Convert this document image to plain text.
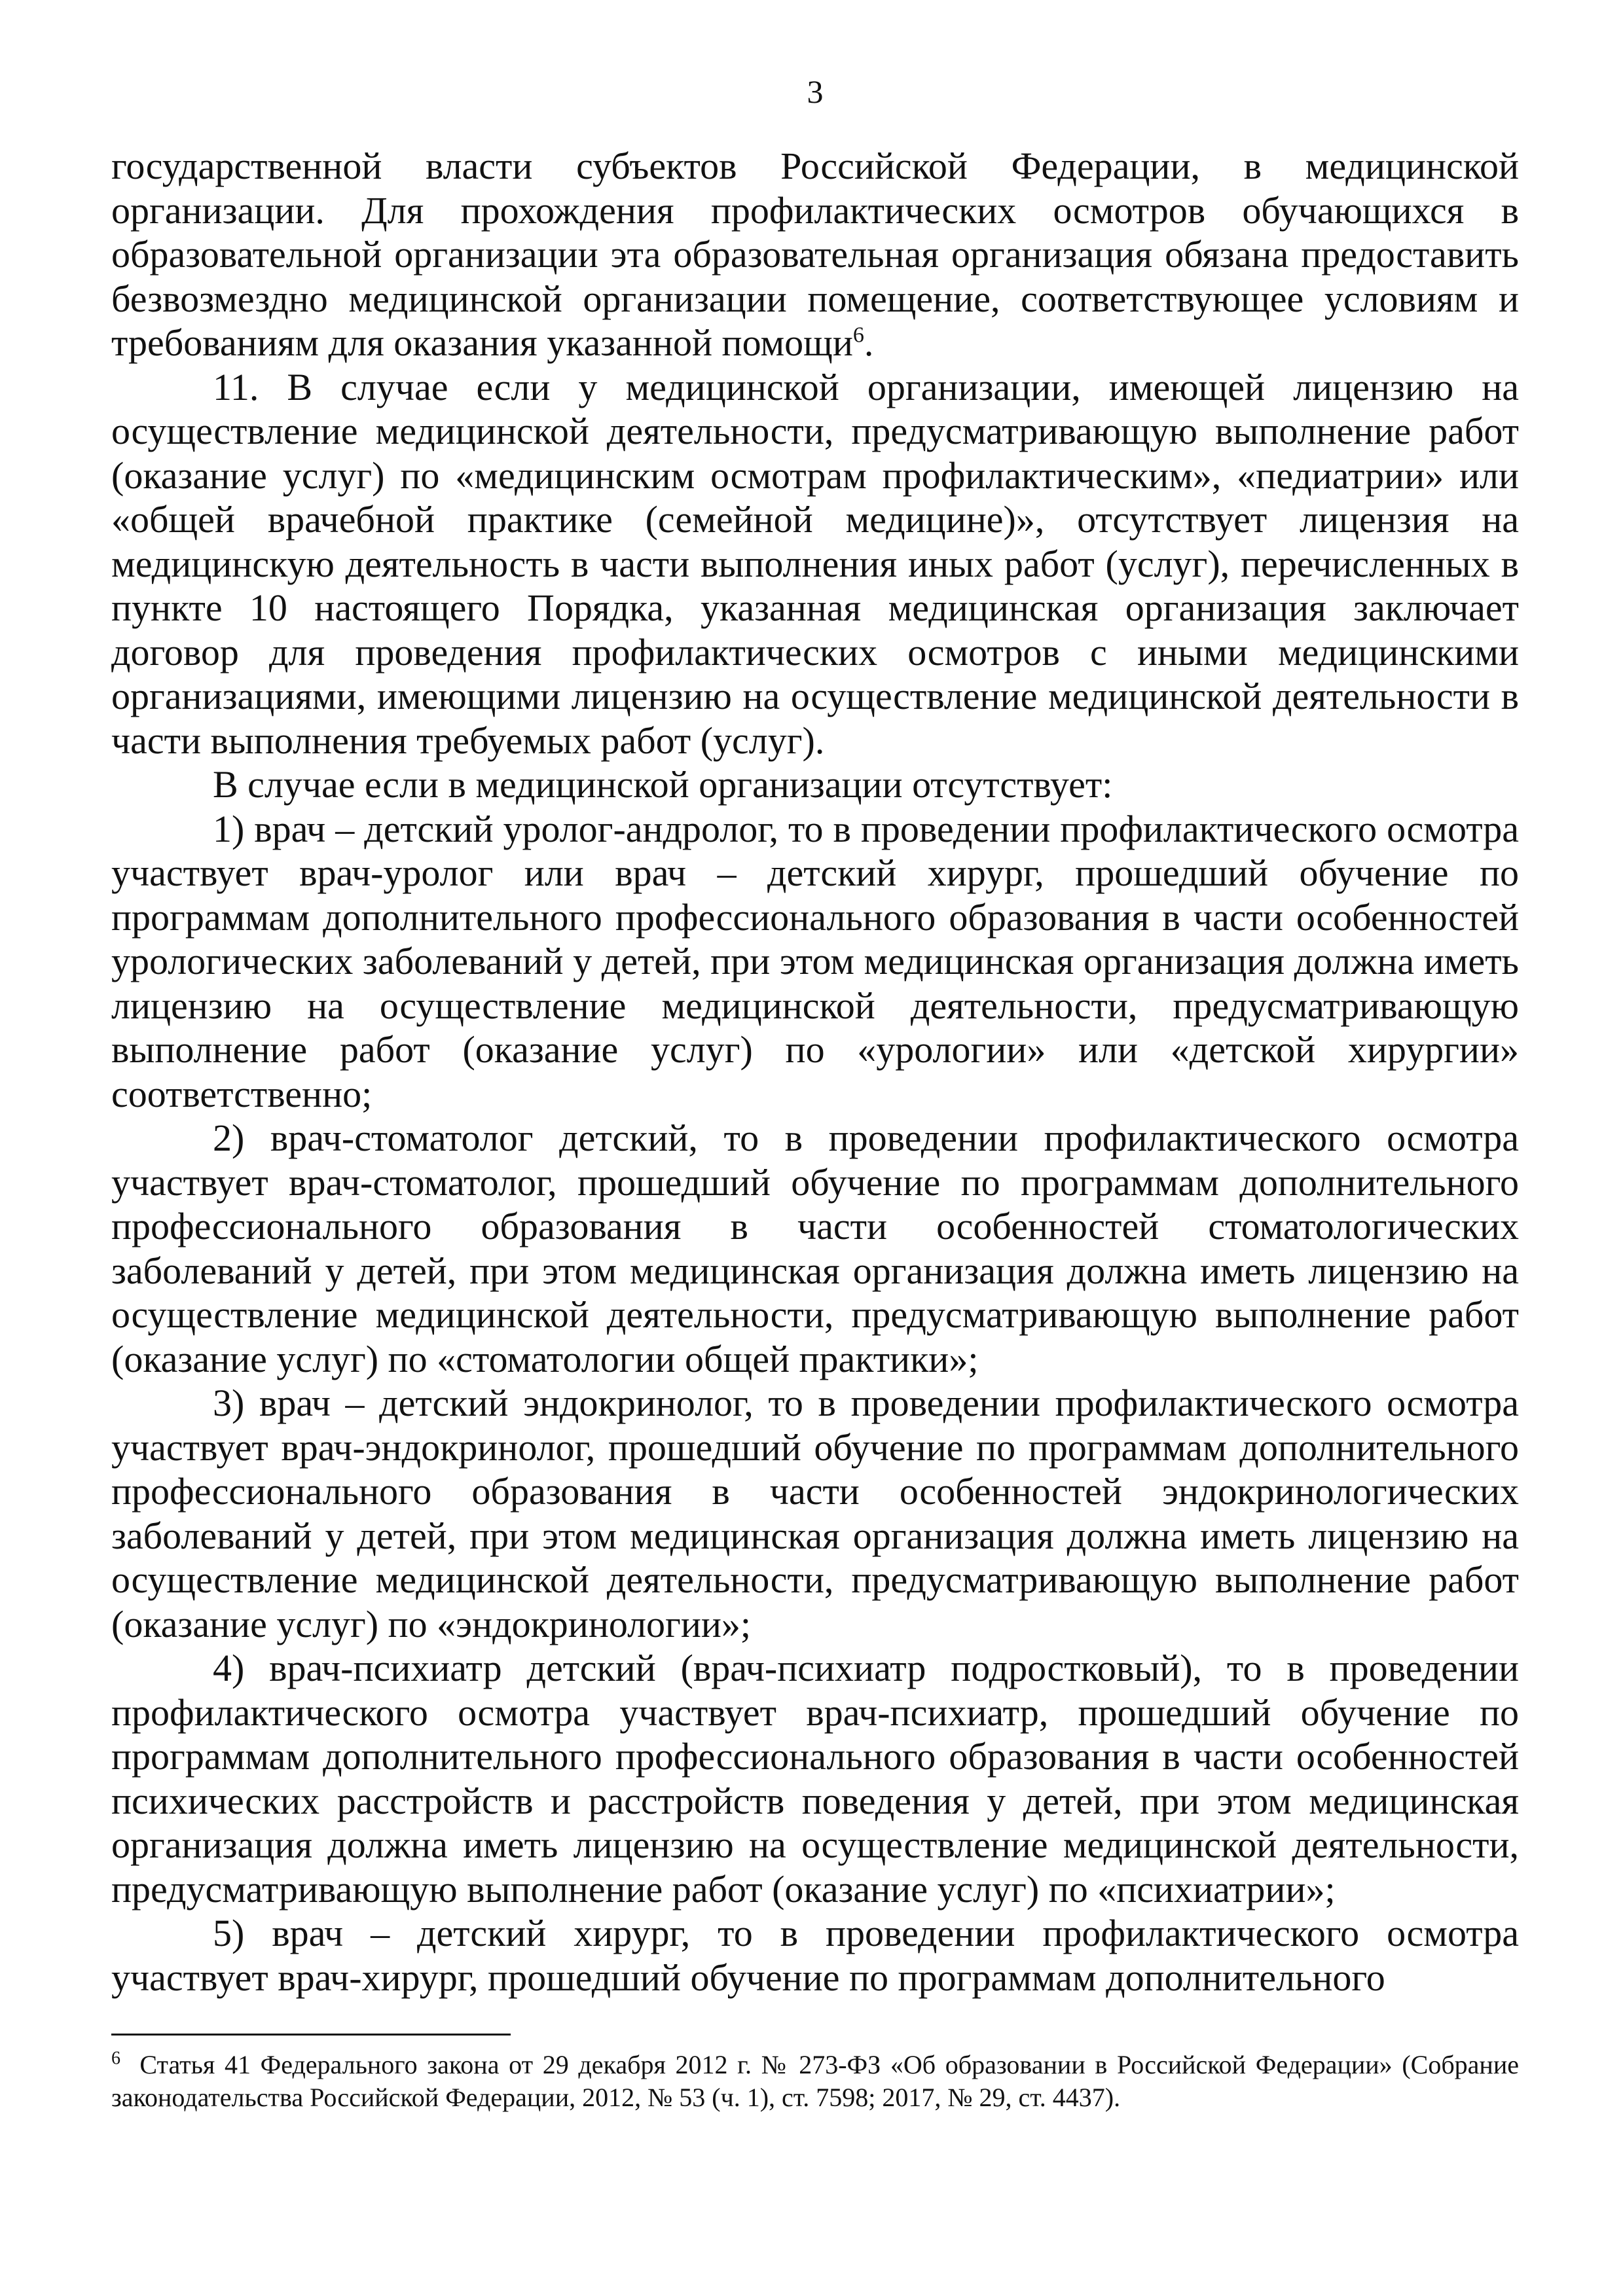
3

государственной власти субъектов Российской Федерации, в медицинской организации. Для прохождения профилактических осмотров обучающихся в образовательной организации эта образовательная организация обязана предоставить безвозмездно медицинской организации помещение, соответствующее условиям и требованиям для оказания указанной помощи$^6$.

11. В случае если у медицинской организации, имеющей лицензию на осуществление медицинской деятельности, предусматривающую выполнение работ (оказание услуг) по «медицинским осмотрам профилактическим», «педиатрии» или «общей врачебной практике (семейной медицине)», отсутствует лицензия на медицинскую деятельность в части выполнения иных работ (услуг), перечисленных в пункте 10 настоящего Порядка, указанная медицинская организация заключает договор для проведения профилактических осмотров с иными медицинскими организациями, имеющими лицензию на осуществление медицинской деятельности в части выполнения требуемых работ (услуг).

В случае если в медицинской организации отсутствует:

1) врач – детский уролог-андролог, то в проведении профилактического осмотра участвует врач-уролог или врач – детский хирург, прошедший обучение по программам дополнительного профессионального образования в части особенностей урологических заболеваний у детей, при этом медицинская организация должна иметь лицензию на осуществление медицинской деятельности, предусматривающую выполнение работ (оказание услуг) по «урологии» или «детской хирургии» соответственно;

2) врач-стоматолог детский, то в проведении профилактического осмотра участвует врач-стоматолог, прошедший обучение по программам дополнительного профессионального образования в части особенностей стоматологических заболеваний у детей, при этом медицинская организация должна иметь лицензию на осуществление медицинской деятельности, предусматривающую выполнение работ (оказание услуг) по «стоматологии общей практики»;

3) врач – детский эндокринолог, то в проведении профилактического осмотра участвует врач-эндокринолог, прошедший обучение по программам дополнительного профессионального образования в части особенностей эндокринологических заболеваний у детей, при этом медицинская организация должна иметь лицензию на осуществление медицинской деятельности, предусматривающую выполнение работ (оказание услуг) по «эндокринологии»;

4) врач-психиатр детский (врач-психиатр подростковый), то в проведении профилактического осмотра участвует врач-психиатр, прошедший обучение по программам дополнительного профессионального образования в части особенностей психических расстройств и расстройств поведения у детей, при этом медицинская организация должна иметь лицензию на осуществление медицинской деятельности, предусматривающую выполнение работ (оказание услуг) по «психиатрии»;

5) врач – детский хирург, то в проведении профилактического осмотра участвует врач-хирург, прошедший обучение по программам дополнительного

$^6$ Статья 41 Федерального закона от 29 декабря 2012 г. № 273-ФЗ «Об образовании в Российской Федерации» (Собрание законодательства Российской Федерации, 2012, № 53 (ч. 1), ст. 7598; 2017, № 29, ст. 4437).
